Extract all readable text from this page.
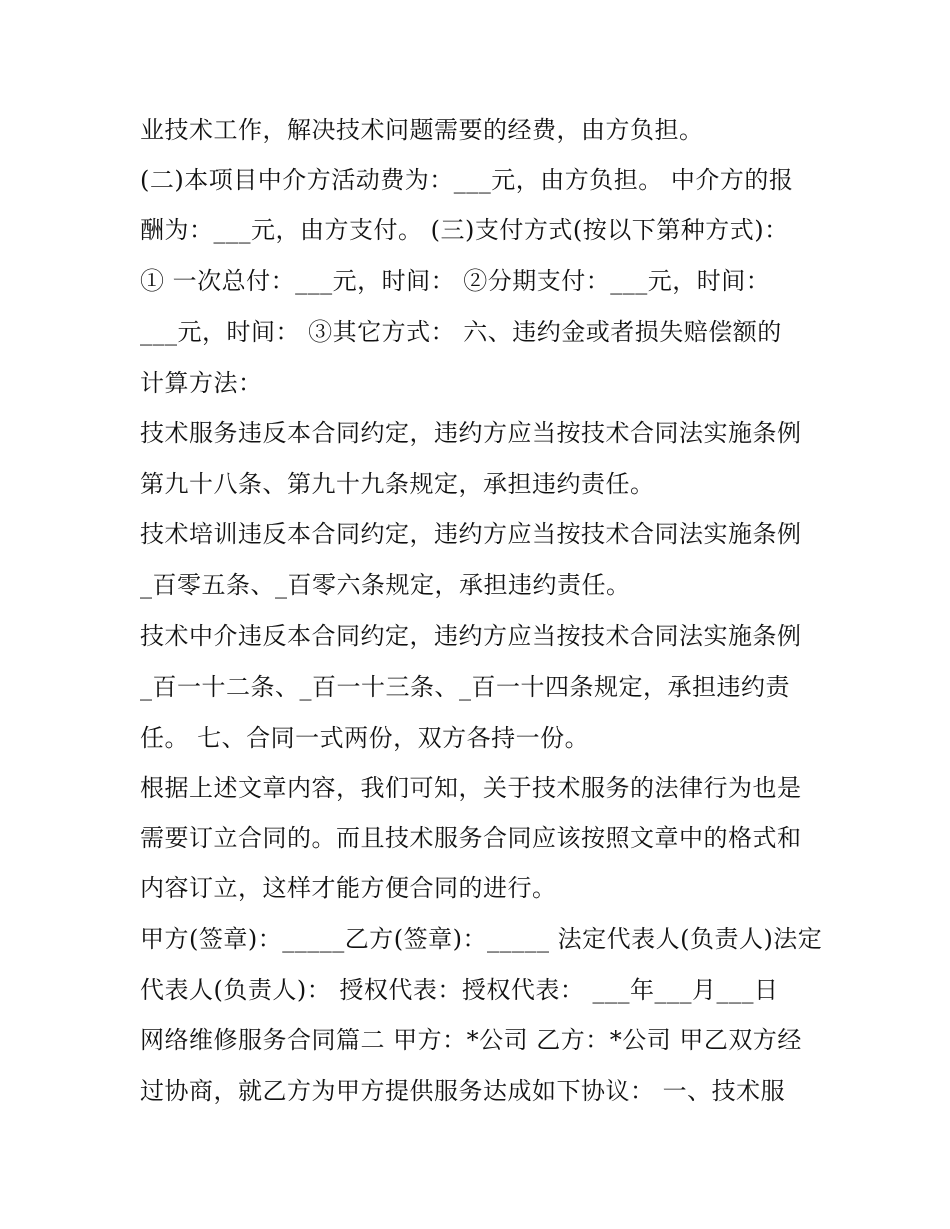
业技术工作，解决技术问题需要的经费，由方负担。
(二)本项目中介方活动费为：___元，由方负担。 中介方的报
酬为：___元，由方支付。 (三)支付方式(按以下第种方式)：
① 一次总付：___元，时间： ②分期支付：___元，时间：
___元，时间： ③其它方式： 六、违约金或者损失赔偿额的
计算方法：
技术服务违反本合同约定，违约方应当按技术合同法实施条例
第九十八条、第九十九条规定，承担违约责任。
技术培训违反本合同约定，违约方应当按技术合同法实施条例
_百零五条、_百零六条规定，承担违约责任。
技术中介违反本合同约定，违约方应当按技术合同法实施条例
_百一十二条、_百一十三条、_百一十四条规定，承担违约责
任。 七、合同一式两份，双方各持一份。
根据上述文章内容，我们可知，关于技术服务的法律行为也是
需要订立合同的。而且技术服务合同应该按照文章中的格式和
内容订立，这样才能方便合同的进行。
甲方(签章)：_____乙方(签章)：_____ 法定代表人(负责人)法定
代表人(负责人)： 授权代表：授权代表： ___年___月___日
网络维修服务合同篇二 甲方：*公司 乙方：*公司 甲乙双方经
过协商，就乙方为甲方提供服务达成如下协议： 一、技术服
